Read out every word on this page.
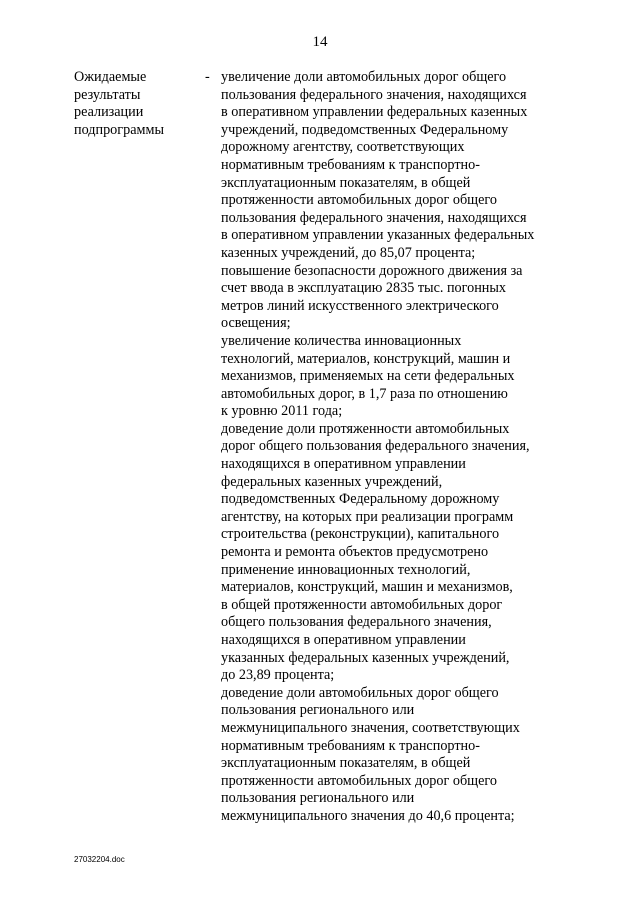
14
Ожидаемые
результаты
реализации
подпрограммы
- увеличение доли автомобильных дорог общего
пользования федерального значения, находящихся
в оперативном управлении федеральных казенных
учреждений, подведомственных Федеральному
дорожному агентству, соответствующих
нормативным требованиям к транспортно-
эксплуатационным показателям, в общей
протяженности автомобильных дорог общего
пользования федерального значения, находящихся
в оперативном управлении указанных федеральных
казенных учреждений, до 85,07 процента;
повышение безопасности дорожного движения за
счет ввода в эксплуатацию 2835 тыс. погонных
метров линий искусственного электрического
освещения;
увеличение количества инновационных
технологий, материалов, конструкций, машин и
механизмов, применяемых на сети федеральных
автомобильных дорог, в 1,7 раза по отношению
к уровню 2011 года;
доведение доли протяженности автомобильных
дорог общего пользования федерального значения,
находящихся в оперативном управлении
федеральных казенных учреждений,
подведомственных Федеральному дорожному
агентству, на которых при реализации программ
строительства (реконструкции), капитального
ремонта и ремонта объектов предусмотрено
применение инновационных технологий,
материалов, конструкций, машин и механизмов,
в общей протяженности автомобильных дорог
общего пользования федерального значения,
находящихся в оперативном управлении
указанных федеральных казенных учреждений,
до 23,89 процента;
доведение доли автомобильных дорог общего
пользования регионального или
межмуниципального значения, соответствующих
нормативным требованиям к транспортно-
эксплуатационным показателям, в общей
протяженности автомобильных дорог общего
пользования регионального или
межмуниципального значения до 40,6 процента;
27032204.doc
